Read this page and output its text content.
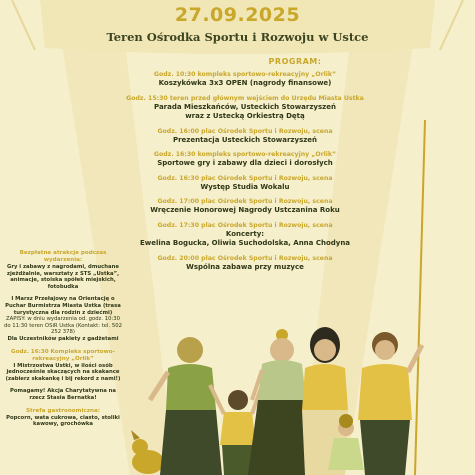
27.09.2025
Teren Ośrodka Sportu i Rozwoju w Ustce
PROGRAM:
Godz. 10:30 kompleks sportowo-rekreacyjny „Orlik”
Koszykówka 3x3 OPEN (nagrody finansowe)
Godz. 15:30 teren przed głównym wejściem do Urzędu Miasta Ustka
Parada Mieszkańców, Usteckich Stowarzyszeń
wraz z Ustecką Orkiestrą Dętą
Godz. 16:00 plac Ośrodek Sportu i Rozwoju, scena
Prezentacja Usteckich Stowarzyszeń
Godz. 16:30 kompleks sportowo-rekreacyjny „Orlik”
Sportowe gry i zabawy dla dzieci i dorosłych
Godz. 16:30 plac Ośrodek Sportu i Rozwoju, scena
Występ Studia Wokalu
Godz. 17:00 plac Ośrodek Sportu i Rozwoju, scena
Wręczenie Honorowej Nagrody Ustczanina Roku
Godz. 17:30 plac Ośrodek Sportu i Rozwoju, scena
Koncerty:
Ewelina Bogucka, Oliwia Suchodolska, Anna Chodyna
Godz. 20:00 plac Ośrodek Sportu i Rozwoju, scena
Wspólna zabawa przy muzyce
Bezpłatne atrakcje podczas wydarzenia:
Gry i zabawy z nagrodami, dmuchane zjeżdżalnie, warsztaty z STS „Ustka”, animacje, stoiska spółek miejskich, fotobudka
I Marsz Przełajowy na Orientację o Puchar Burmistrza Miasta Ustka (trasa turystyczna dla rodzin z dziećmi)
ZAPISY: w dniu wydarzenia od. godz. 10:30 do 11:30 teren OSiR Ustka (Kontakt: tel. 502 252 378)
Dla Uczestników pakiety z gadżetami
Godz. 16:30 Kompleks sportowo-rekreacyjny „Orlik”
I Mistrzostwa Ustki, w ilości osób jednocześnie skaczących na skakance (zabierz skakankę i bij rekord z nami!)
Pomagamy! Akcja Charytatywna na rzecz Stasia Bernatka!
Strefa gastronomiczna:
Popcorn, wata cukrowa, ciasto, stoliki kawowy, grochówka
